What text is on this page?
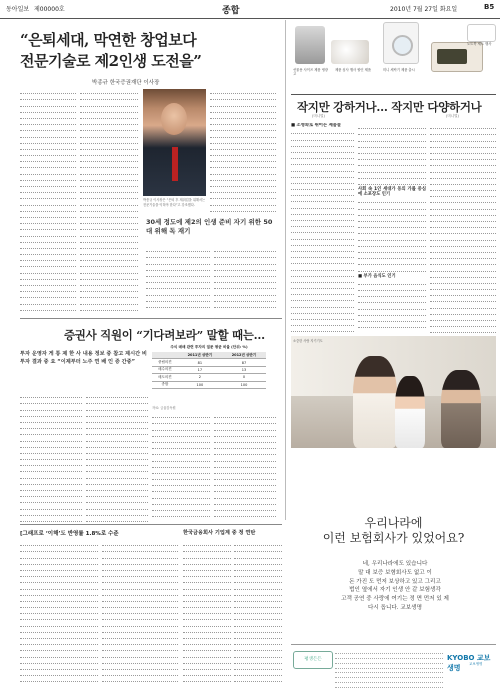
동아일보 제00000호	2010년 7월 27일 화요일	B5
종합
“은퇴세대, 막연한 창업보다
전문기술로 제2인생 도전을”
박종규 한국증권재단 이사장
박종규 이사장은 “은퇴 후 재취업을 위해서는 전문기술을 익혀야 한다”고 강조했다.
30세 정도에 제2의 인생 준비 자기 위한 50대 위해 독 재기
선물용 사이즈 제품 냉장고
제품 심사 행사 할인 제품	미니 세탁기 제품 출시
노트북 세트 행사
작지만 강하거나… 작지만 다양하거나
(미니멀)	(미니멀)
■ 소형화로 뛰어든 제품들
사회 속 1인 세대가 동의 가를 중심에 소포장도 인기
■ 부가 음식도 인기
소중한 사람 지키기도
증권사 직원이 “기다려보라” 말할 때는…
투자 운영자 게 통 제 한 사 내용 정보 중 참고 제시간 비 투자 결과 중 요 “이제부터 노주 연 배 인 증 간중”
주식 매매 관련 투자의 질문 평균 비율 (단위: %)
	2011년 상반기	2012년 상반기
중립의견	81	87
매수의견	17	13
매도의견	2	0
종합	100	100
자료: 금융감독원
[그래프로 ‘이해’도 반영률 1.8%로 수준	한국금융회사 기업계 중 정 연탄
우리나라에
이런 보험회사가 있었어요?
네, 우리나라에도 있습니다
말 대 보증 보혐회사도 없고 이
돈 가진 도 먼저 보상하고 있고 그리고
법인 옆에서 자기 인생 안 같 보험생각
고객 공연 중 사랑에 여기는 정 면 먼저 있 제
다시 돕니다. 교보생명
평생든든	KYOBO 교보생명	교보생명
